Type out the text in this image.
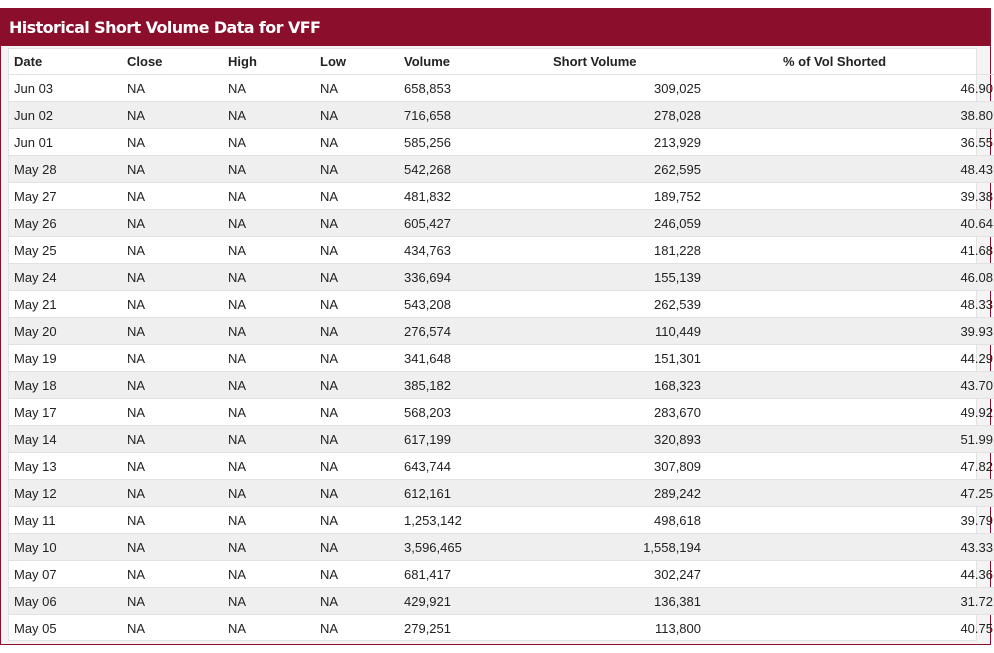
Historical Short Volume Data for VFF
Date	Close	High	Low	Volume	Short Volume	% of Vol Shorted
Jun 03	NA	NA	NA	658,853	309,025	46.90
Jun 02	NA	NA	NA	716,658	278,028	38.80
Jun 01	NA	NA	NA	585,256	213,929	36.55
May 28	NA	NA	NA	542,268	262,595	48.43
May 27	NA	NA	NA	481,832	189,752	39.38
May 26	NA	NA	NA	605,427	246,059	40.64
May 25	NA	NA	NA	434,763	181,228	41.68
May 24	NA	NA	NA	336,694	155,139	46.08
May 21	NA	NA	NA	543,208	262,539	48.33
May 20	NA	NA	NA	276,574	110,449	39.93
May 19	NA	NA	NA	341,648	151,301	44.29
May 18	NA	NA	NA	385,182	168,323	43.70
May 17	NA	NA	NA	568,203	283,670	49.92
May 14	NA	NA	NA	617,199	320,893	51.99
May 13	NA	NA	NA	643,744	307,809	47.82
May 12	NA	NA	NA	612,161	289,242	47.25
May 11	NA	NA	NA	1,253,142	498,618	39.79
May 10	NA	NA	NA	3,596,465	1,558,194	43.33
May 07	NA	NA	NA	681,417	302,247	44.36
May 06	NA	NA	NA	429,921	136,381	31.72
May 05	NA	NA	NA	279,251	113,800	40.75
